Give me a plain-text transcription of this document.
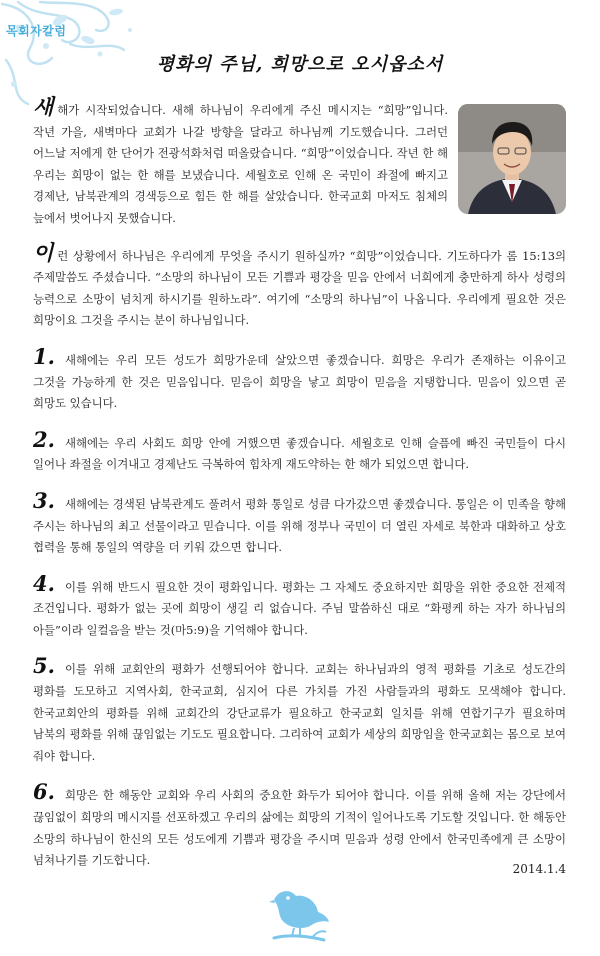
목회자칼럼
평화의 주님, 희망으로 오시옵소서

새해가 시작되었습니다. 새해 하나님이 우리에게 주신 메시지는 “희망”입니다. 작년 가을, 새벽마다 교회가 나갈 방향을 달라고 하나님께 기도했습니다. 그러던 어느날 저에게 한 단어가 전광석화처럼 떠올랐습니다. “희망”이었습니다. 작년 한 해 우리는 희망이 없는 한 해를 보냈습니다. 세월호로 인해 온 국민이 좌절에 빠지고 경제난, 남북관계의 경색등으로 힘든 한 해를 살았습니다. 한국교회 마저도 침체의 늪에서 벗어나지 못했습니다.

이런 상황에서 하나님은 우리에게 무엇을 주시기 원하실까? “희망”이었습니다. 기도하다가 롬 15:13의 주제말씀도 주셨습니다. “소망의 하나님이 모든 기쁨과 평강을 믿음 안에서 너희에게 충만하게 하사 성령의 능력으로 소망이 넘치게 하시기를 원하노라”. 여기에 “소망의 하나님”이 나옵니다. 우리에게 필요한 것은 희망이요 그것을 주시는 분이 하나님입니다.

1. 새해에는 우리 모든 성도가 희망가운데 살았으면 좋겠습니다. 희망은 우리가 존재하는 이유이고 그것을 가능하게 한 것은 믿음입니다. 믿음이 희망을 낳고 희망이 믿음을 지탱합니다. 믿음이 있으면 곧 희망도 있습니다.

2. 새해에는 우리 사회도 희망 안에 거했으면 좋겠습니다. 세월호로 인해 슬픔에 빠진 국민들이 다시 일어나 좌절을 이겨내고 경제난도 극복하여 힘차게 재도약하는 한 해가 되었으면 합니다.

3. 새해에는 경색된 남북관계도 풀려서 평화 통일로 성큼 다가갔으면 좋겠습니다. 통일은 이 민족을 향해 주시는 하나님의 최고 선물이라고 믿습니다. 이를 위해 정부나 국민이 더 열린 자세로 북한과 대화하고 상호 협력을 통해 통일의 역량을 더 키워 갔으면 합니다.

4. 이를 위해 반드시 필요한 것이 평화입니다. 평화는 그 자체도 중요하지만 희망을 위한 중요한 전제적 조건입니다. 평화가 없는 곳에 희망이 생길 리 없습니다. 주님 말씀하신 대로 “화평케 하는 자가 하나님의 아들”이라 일컬음을 받는 것(마5:9)을 기억해야 합니다.

5. 이를 위해 교회안의 평화가 선행되어야 합니다. 교회는 하나님과의 영적 평화를 기초로 성도간의 평화를 도모하고 지역사회, 한국교회, 심지어 다른 가치를 가진 사람들과의 평화도 모색해야 합니다. 한국교회안의 평화를 위해 교회간의 강단교류가 필요하고 한국교회 일치를 위해 연합기구가 필요하며 남북의 평화를 위해 끊임없는 기도도 필요합니다. 그리하여 교회가 세상의 희망임을 한국교회는 몸으로 보여 줘야 합니다.

6. 희망은 한 해동안 교회와 우리 사회의 중요한 화두가 되어야 합니다. 이를 위해 올해 저는 강단에서 끊임없이 희망의 메시지를 선포하겠고 우리의 삶에는 희망의 기적이 일어나도록 기도할 것입니다. 한 해동안 소망의 하나님이 한신의 모든 성도에게 기쁨과 평강을 주시며 믿음과 성령 안에서 한국민족에게 큰 소망이 넘쳐나기를 기도합니다.

2014.1.4
